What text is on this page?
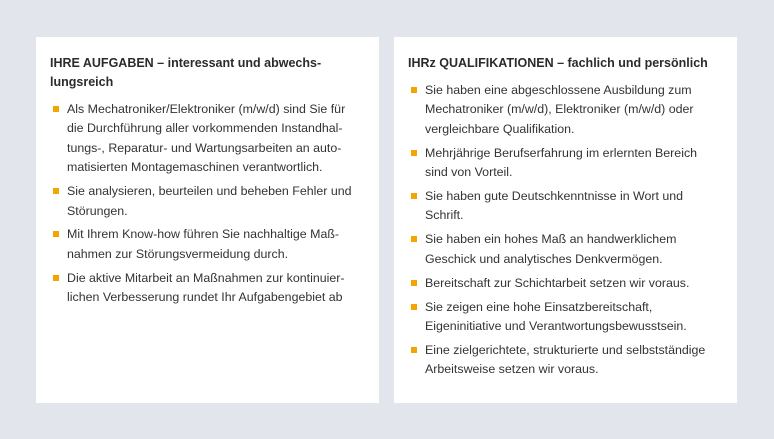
IHRE AUFGABEN – interessant und abwechs-
lungsreich
Als Mechatroniker/Elektroniker (m/w/d) sind Sie für
die Durchführung aller vorkommenden Instandhal-
tungs-, Reparatur- und Wartungsarbeiten an auto-
matisierten Montagemaschinen verantwortlich.
Sie analysieren, beurteilen und beheben Fehler und
Störungen.
Mit Ihrem Know-how führen Sie nachhaltige Maß-
nahmen zur Störungsvermeidung durch.
Die aktive Mitarbeit an Maßnahmen zur kontinuier-
lichen Verbesserung rundet Ihr Aufgabengebiet ab
IHRz QUALIFIKATIONEN – fachlich und persönlich
Sie haben eine abgeschlossene Ausbildung zum
Mechatroniker (m/w/d), Elektroniker (m/w/d) oder
vergleichbare Qualifikation.
Mehrjährige Berufserfahrung im erlernten Bereich
sind von Vorteil.
Sie haben gute Deutschkenntnisse in Wort und
Schrift.
Sie haben ein hohes Maß an handwerklichem
Geschick und analytisches Denkvermögen.
Bereitschaft zur Schichtarbeit setzen wir voraus.
Sie zeigen eine hohe Einsatzbereitschaft,
Eigeninitiative und Verantwortungsbewusstsein.
Eine zielgerichtete, strukturierte und selbstständige
Arbeitsweise setzen wir voraus.
